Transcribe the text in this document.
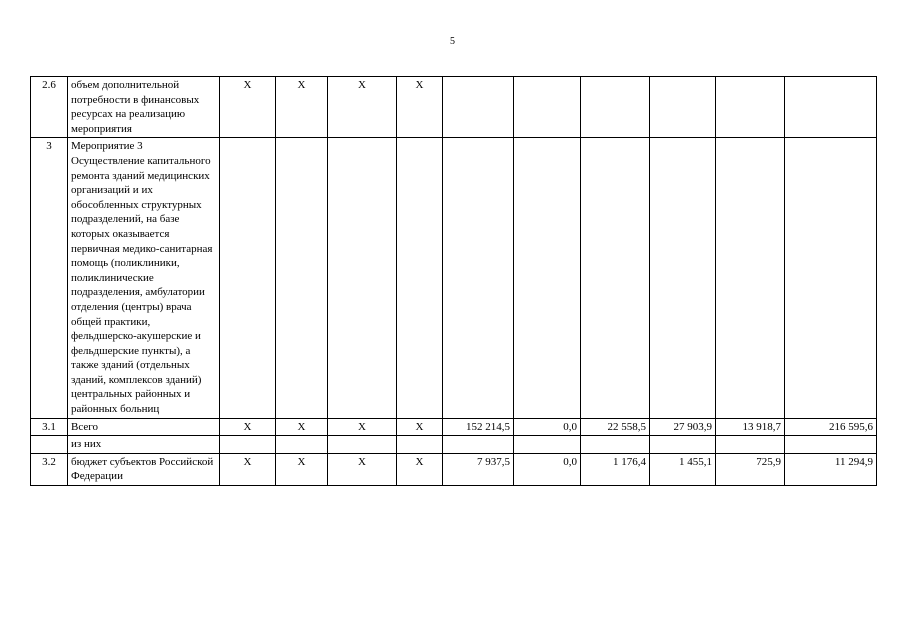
5
2.6	объем дополнительной потребности в финансовых ресурсах на реализацию мероприятия	X	X	X	X						
3	Мероприятие 3 Осуществление капитального ремонта зданий медицинских организаций и их обособленных структурных подразделений, на базе которых оказывается первичная медико-санитарная помощь (поликлиники, поликлинические подразделения, амбулатории отделения (центры) врача общей практики, фельдшерско-акушерские и фельдшерские пункты), а также зданий (отдельных зданий, комплексов зданий) центральных районных и районных больниц										
3.1	Всего	X	X	X	X	152 214,5	0,0	22 558,5	27 903,9	13 918,7	216 595,6
	из них										
3.2	бюджет субъектов Российской Федерации	X	X	X	X	7 937,5	0,0	1 176,4	1 455,1	725,9	11 294,9
